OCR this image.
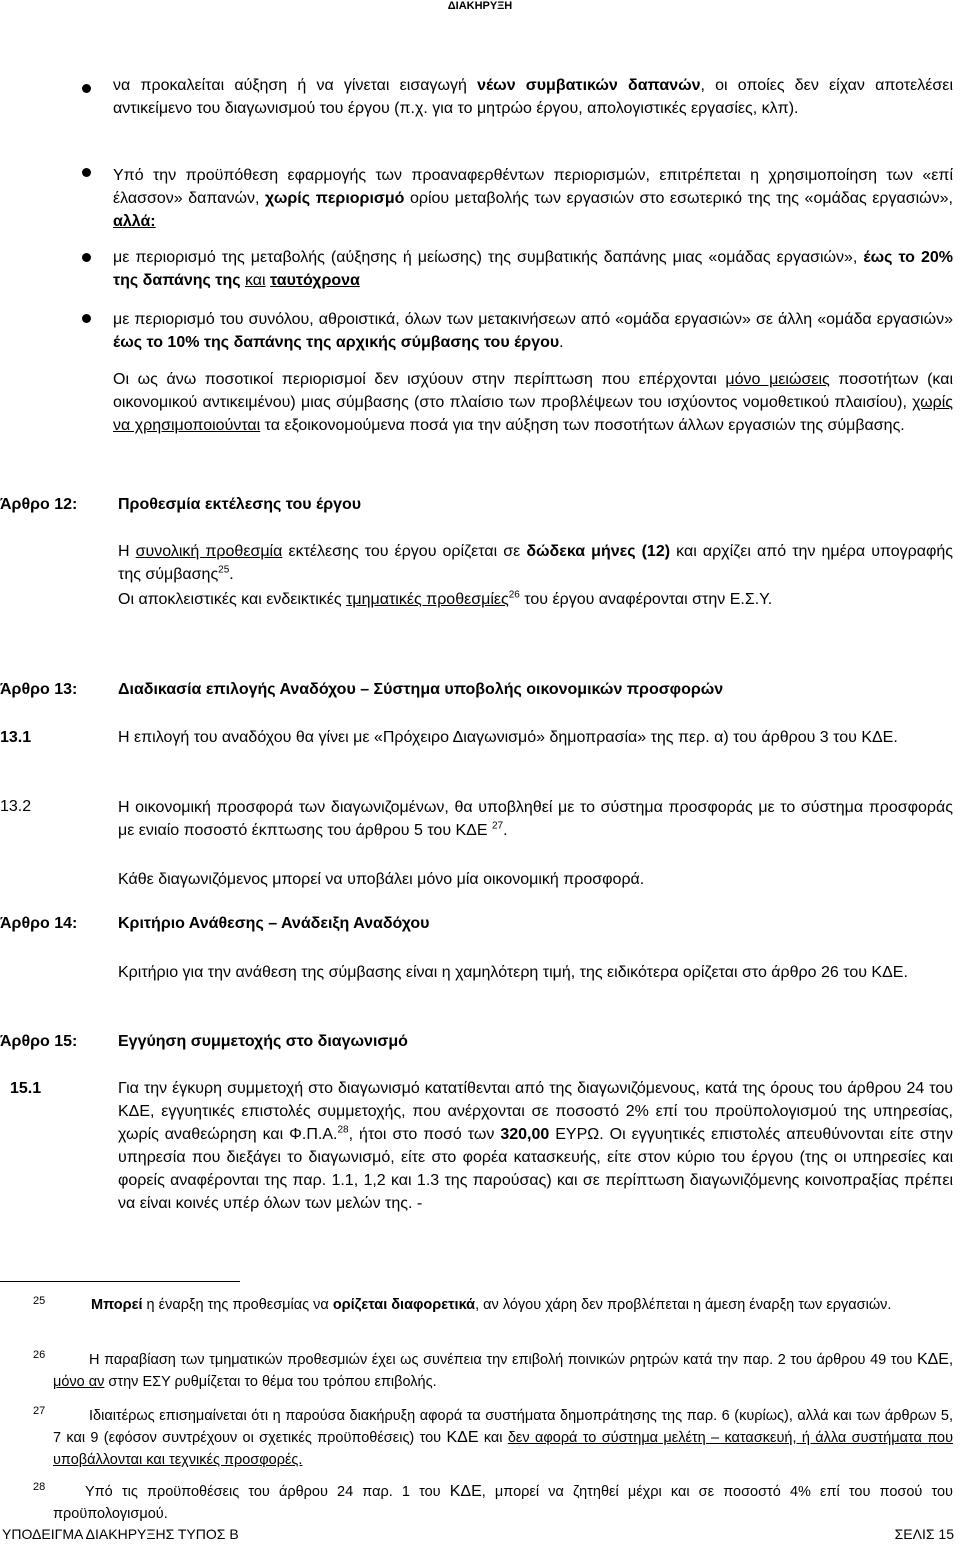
ΔΙΑΚΗΡΥΞΗ
να προκαλείται αύξηση ή να γίνεται εισαγωγή νέων συμβατικών δαπανών, οι οποίες δεν είχαν αποτελέσει αντικείμενο του διαγωνισμού του έργου (π.χ. για το μητρώο έργου, απολογιστικές εργασίες, κλπ).
Υπό την προϋπόθεση εφαρμογής των προαναφερθέντων περιορισμών, επιτρέπεται η χρησιμοποίηση των «επί έλασσον» δαπανών, χωρίς περιορισμό ορίου μεταβολής των εργασιών στο εσωτερικό της της «ομάδας εργασιών», αλλά:
με περιορισμό της μεταβολής (αύξησης ή μείωσης) της συμβατικής δαπάνης μιας «ομάδας εργασιών», έως το 20% της δαπάνης της και ταυτόχρονα
με περιορισμό του συνόλου, αθροιστικά, όλων των μετακινήσεων από «ομάδα εργασιών» σε άλλη «ομάδα εργασιών» έως το 10% της δαπάνης της αρχικής σύμβασης του έργου.
Οι ως άνω ποσοτικοί περιορισμοί δεν ισχύουν στην περίπτωση που επέρχονται μόνο μειώσεις ποσοτήτων (και οικονομικού αντικειμένου) μιας σύμβασης (στο πλαίσιο των προβλέψεων του ισχύοντος νομοθετικού πλαισίου), χωρίς να χρησιμοποιούνται τα εξοικονομούμενα ποσά για την αύξηση των ποσοτήτων άλλων εργασιών της σύμβασης.
Άρθρο 12:	Προθεσμία εκτέλεσης του έργου
Η συνολική προθεσμία εκτέλεσης του έργου ορίζεται σε δώδεκα μήνες (12) και αρχίζει από την ημέρα υπογραφής της σύμβασης$^{25}$.
Οι αποκλειστικές και ενδεικτικές τμηματικές προθεσμίες$^{26}$ του έργου αναφέρονται στην Ε.Σ.Υ.
Άρθρο 13:	Διαδικασία επιλογής Αναδόχου – Σύστημα υποβολής οικονομικών προσφορών
13.1	Η επιλογή του αναδόχου θα γίνει με «Πρόχειρο Διαγωνισμό» δημοπρασία» της περ. α) του άρθρου 3 του ΚΔΕ.
13.2	Η οικονομική προσφορά των διαγωνιζομένων, θα υποβληθεί με το σύστημα προσφοράς με το σύστημα προσφοράς με ενιαίο ποσοστό έκπτωσης του άρθρου 5 του ΚΔΕ $^{27}$.
Κάθε διαγωνιζόμενος μπορεί να υποβάλει μόνο μία οικονομική προσφορά.
Άρθρο 14:	Κριτήριο Ανάθεσης – Ανάδειξη Αναδόχου
Κριτήριο για την ανάθεση της σύμβασης είναι η χαμηλότερη τιμή, της ειδικότερα ορίζεται στο άρθρο 26 του ΚΔΕ.
Άρθρο 15:	Εγγύηση συμμετοχής στο διαγωνισμό
15.1	Για την έγκυρη συμμετοχή στο διαγωνισμό κατατίθενται από της διαγωνιζόμενους, κατά της όρους του άρθρου 24 του ΚΔΕ, εγγυητικές επιστολές συμμετοχής, που ανέρχονται σε ποσοστό 2% επί του προϋπολογισμού της υπηρεσίας, χωρίς αναθεώρηση και Φ.Π.Α.$^{28}$, ήτοι στο ποσό των 320,00 ΕΥΡΩ. Οι εγγυητικές επιστολές απευθύνονται είτε στην υπηρεσία που διεξάγει το διαγωνισμό, είτε στο φορέα κατασκευής, είτε στον κύριο του έργου (της οι υπηρεσίες και φορείς αναφέρονται της παρ. 1.1, 1,2 και 1.3 της παρούσας) και σε περίπτωση διαγωνιζόμενης κοινοπραξίας πρέπει να είναι κοινές υπέρ όλων των μελών της. -
25	Μπορεί η έναρξη της προθεσμίας να ορίζεται διαφορετικά, αν λόγου χάρη δεν προβλέπεται η άμεση έναρξη των εργασιών.
26	Η παραβίαση των τμηματικών προθεσμιών έχει ως συνέπεια την επιβολή ποινικών ρητρών κατά την παρ. 2 του άρθρου 49 του ΚΔΕ, μόνο αν στην ΕΣΥ ρυθμίζεται το θέμα του τρόπου επιβολής.
27	Ιδιαιτέρως επισημαίνεται ότι η παρούσα διακήρυξη αφορά τα συστήματα δημοπράτησης της παρ. 6 (κυρίως), αλλά και των άρθρων 5, 7 και 9 (εφόσον συντρέχουν οι σχετικές προϋποθέσεις) του ΚΔΕ και δεν αφορά το σύστημα μελέτη – κατασκευή, ή άλλα συστήματα που υποβάλλονται και τεχνικές προσφορές.
28	Υπό τις προϋποθέσεις του άρθρου 24 παρ. 1 του ΚΔΕ, μπορεί να ζητηθεί μέχρι και σε ποσοστό 4% επί του ποσού του προϋπολογισμού.
ΥΠΟΔΕΙΓΜΑ ΔΙΑΚΗΡΥΞΗΣ ΤΥΠΟΣ Β	ΣΕΛΙΣ 15
